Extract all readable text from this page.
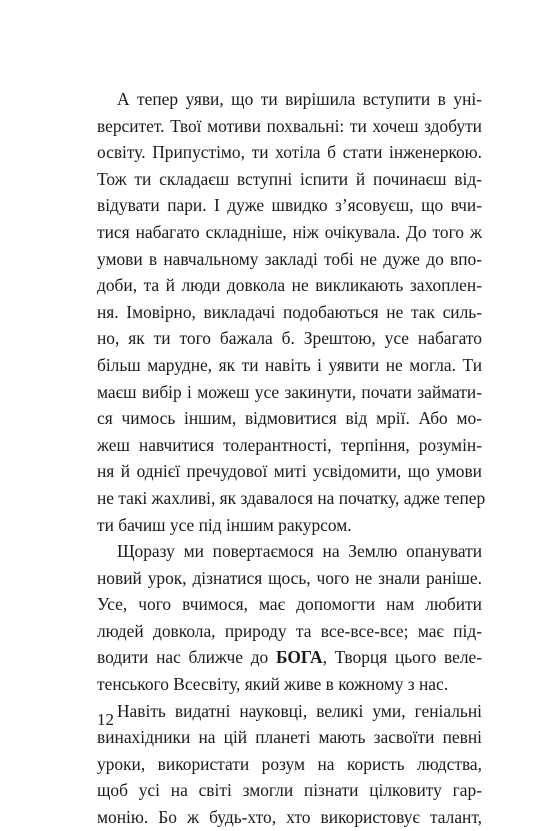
А тепер уяви, що ти вирішила вступити в уні-
верситет. Твої мотиви похвальні: ти хочеш здобути
освіту. Припустімо, ти хотіла б стати інженеркою.
Тож ти складаєш вступні іспити й починаєш від-
відувати пари. І дуже швидко з’ясовуєш, що вчи-
тися набагато складніше, ніж очікувала. До того ж
умови в навчальному закладі тобі не дуже до впо-
доби, та й люди довкола не викликають захоплен-
ня. Імовірно, викладачі подобаються не так силь-
но, як ти того бажала б. Зрештою, усе набагато
більш марудне, як ти навіть і уявити не могла. Ти
маєш вибір і можеш усе закинути, почати займати-
ся чимось іншим, відмовитися від мрії. Або мо-
жеш навчитися толерантності, терпіння, розумін-
ня й однієї пречудової миті усвідомити, що умови
не такі жахливі, як здавалося на початку, адже тепер
ти бачиш усе під іншим ракурсом.
Щоразу ми повертаємося на Землю опанувати
новий урок, дізнатися щось, чого не знали раніше.
Усе, чого вчимося, має допомогти нам любити
людей довкола, природу та все-все-все; має під-
водити нас ближче до БОГА, Творця цього веле-
тенського Всесвіту, який живе в кожному з нас.
Навіть видатні науковці, великі уми, геніальні
винахідники на цій планеті мають засвоїти певні
уроки, використати розум на користь людства,
щоб усі на світі змогли пізнати цілковиту гар-
монію. Бо ж будь-хто, хто використовує талант,
12
